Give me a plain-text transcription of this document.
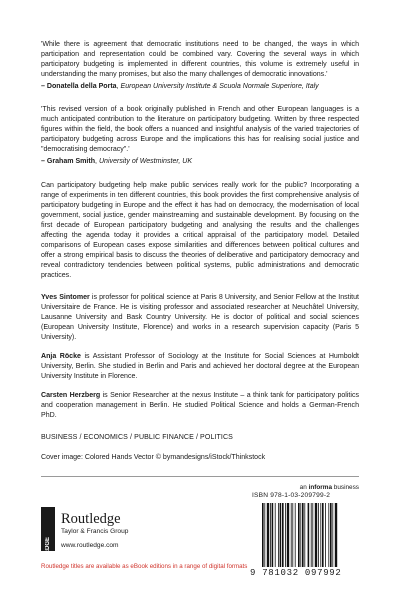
'While there is agreement that democratic institutions need to be changed, the ways in which participation and representation could be combined vary. Covering the several ways in which participatory budgeting is implemented in different countries, this volume is extremely useful in understanding the many promises, but also the many challenges of democratic innovations.'

– Donatella della Porta, European University Institute & Scuola Normale Superiore, Italy

'This revised version of a book originally published in French and other European languages is a much anticipated contribution to the literature on participatory budgeting. Written by three respected figures within the field, the book offers a nuanced and insightful analysis of the varied trajectories of participatory budgeting across Europe and the implications this has for realising social justice and "democratising democracy".'

– Graham Smith, University of Westminster, UK

Can participatory budgeting help make public services really work for the public? Incorporating a range of experiments in ten different countries, this book provides the first comprehensive analysis of participatory budgeting in Europe and the effect it has had on democracy, the modernisation of local government, social justice, gender mainstreaming and sustainable development. By focusing on the first decade of European participatory budgeting and analysing the results and the challenges affecting the agenda today it provides a critical appraisal of the participatory model. Detailed comparisons of European cases expose similarities and differences between political cultures and offer a strong empirical basis to discuss the theories of deliberative and participatory democracy and reveal contradictory tendencies between political systems, public administrations and democratic practices.

Yves Sintomer is professor for political science at Paris 8 University, and Senior Fellow at the Institut Universitaire de France. He is visiting professor and associated researcher at Neuchâtel University, Lausanne University and Bask Country University. He is doctor of political and social sciences (European University Institute, Florence) and works in a research supervision capacity (Paris 5 University).

Anja Röcke is Assistant Professor of Sociology at the Institute for Social Sciences at Humboldt University, Berlin. She studied in Berlin and Paris and achieved her doctoral degree at the European University Institute in Florence.

Carsten Herzberg is Senior Researcher at the nexus Institute – a think tank for participatory politics and cooperation management in Berlin. He studied Political Science and holds a German-French PhD.

BUSINESS / ECONOMICS / PUBLIC FINANCE / POLITICS

Cover image: Colored Hands Vector © bymandesigns/iStock/Thinkstock

an informa business
ROUTLEDGE
Routledge
Taylor & Francis Group
www.routledge.com
Routledge titles are available as eBook editions in a range of digital formats
ISBN 978-1-03-209799-2
9 781032 097992
